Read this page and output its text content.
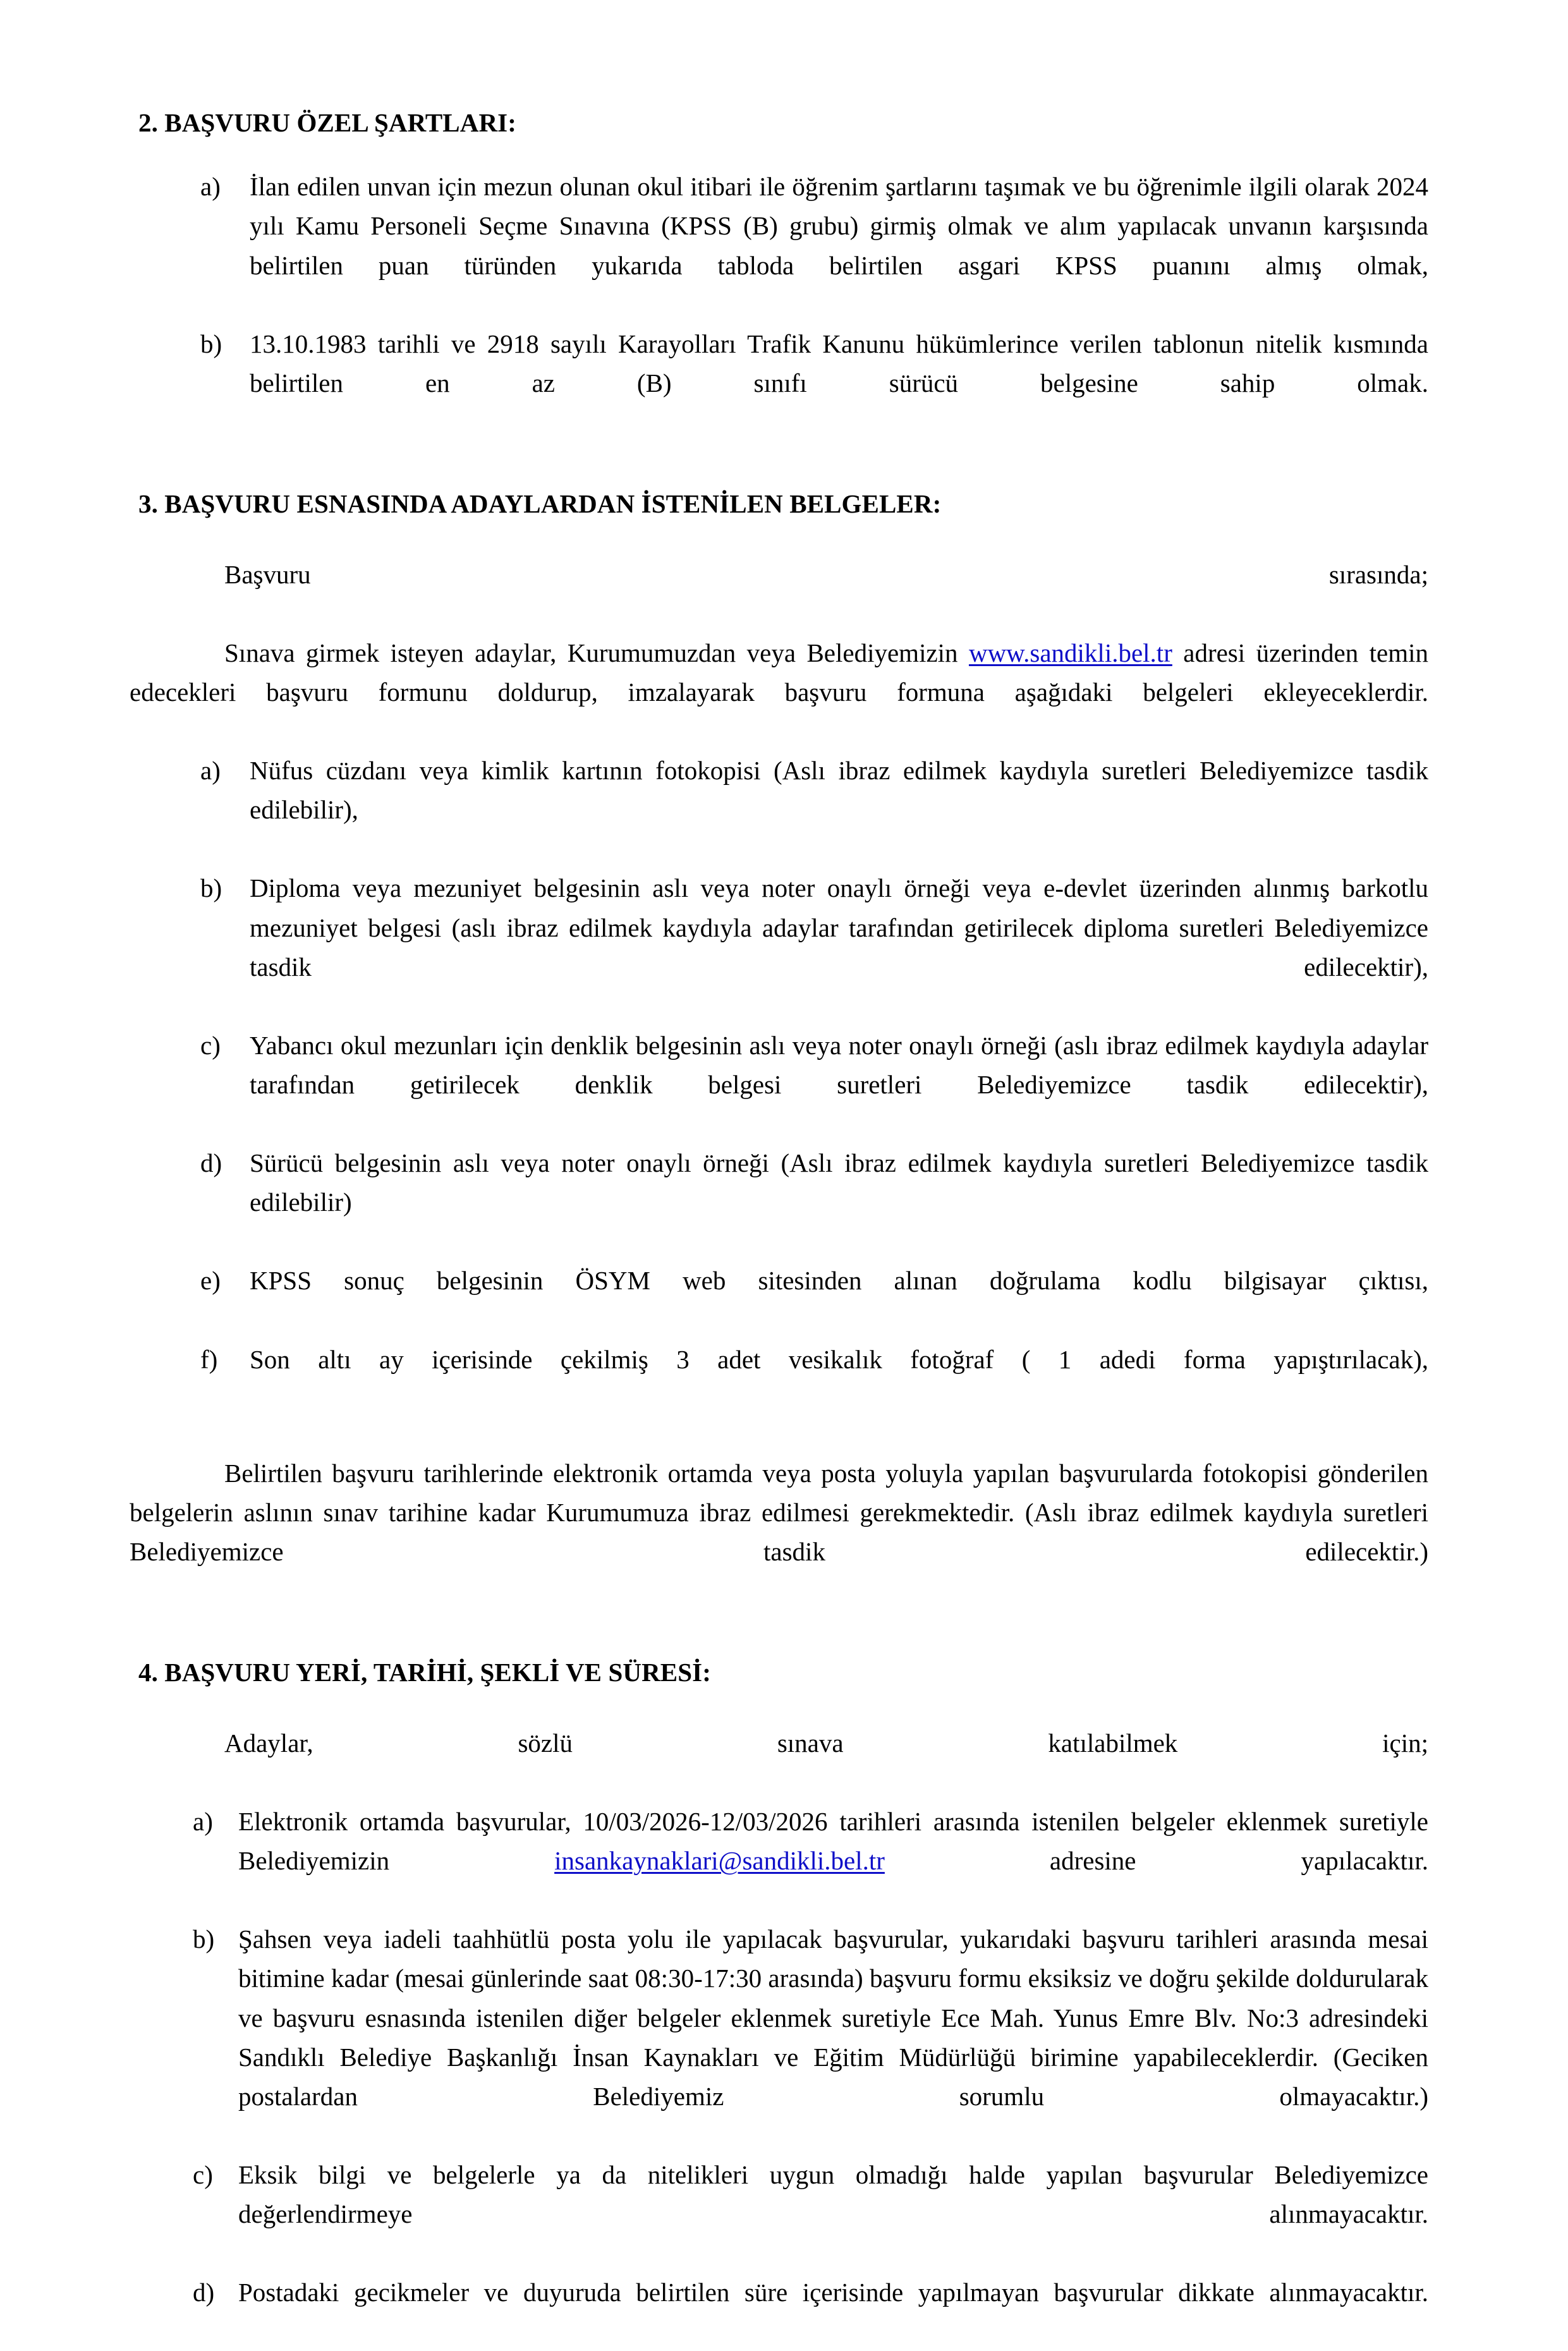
2. BAŞVURU ÖZEL ŞARTLARI:
a)	İlan edilen unvan için mezun olunan okul itibari ile öğrenim şartlarını taşımak ve bu öğrenimle ilgili olarak 2024 yılı Kamu Personeli Seçme Sınavına (KPSS (B) grubu) girmiş olmak ve alım yapılacak unvanın karşısında belirtilen puan türünden yukarıda tabloda belirtilen asgari KPSS puanını almış olmak,
b)	13.10.1983 tarihli ve 2918 sayılı Karayolları Trafik Kanunu hükümlerince verilen tablonun nitelik kısmında belirtilen en az (B) sınıfı sürücü belgesine sahip olmak.
3. BAŞVURU ESNASINDA ADAYLARDAN İSTENİLEN BELGELER:

Başvuru sırasında;

Sınava girmek isteyen adaylar, Kurumumuzdan veya Belediyemizin www.sandikli.bel.tr adresi üzerinden temin edecekleri başvuru formunu doldurup, imzalayarak başvuru formuna aşağıdaki belgeleri ekleyeceklerdir.

a)	Nüfus cüzdanı veya kimlik kartının fotokopisi (Aslı ibraz edilmek kaydıyla suretleri Belediyemizce tasdik edilebilir),
b)	Diploma veya mezuniyet belgesinin aslı veya noter onaylı örneği veya e-devlet üzerinden alınmış barkotlu mezuniyet belgesi (aslı ibraz edilmek kaydıyla adaylar tarafından getirilecek diploma suretleri Belediyemizce tasdik edilecektir),
c)	Yabancı okul mezunları için denklik belgesinin aslı veya noter onaylı örneği (aslı ibraz edilmek kaydıyla adaylar tarafından getirilecek denklik belgesi suretleri Belediyemizce tasdik edilecektir),
d)	Sürücü belgesinin aslı veya noter onaylı örneği (Aslı ibraz edilmek kaydıyla suretleri Belediyemizce tasdik edilebilir)
e)	KPSS sonuç belgesinin ÖSYM web sitesinden alınan doğrulama kodlu bilgisayar çıktısı,
f)	Son altı ay içerisinde çekilmiş 3 adet vesikalık fotoğraf ( 1 adedi forma yapıştırılacak),

Belirtilen başvuru tarihlerinde elektronik ortamda veya posta yoluyla yapılan başvurularda fotokopisi gönderilen belgelerin aslının sınav tarihine kadar Kurumumuza ibraz edilmesi gerekmektedir. (Aslı ibraz edilmek kaydıyla suretleri Belediyemizce tasdik edilecektir.)

4. BAŞVURU YERİ, TARİHİ, ŞEKLİ VE SÜRESİ:

Adaylar, sözlü sınava katılabilmek için;

a) Elektronik ortamda başvurular, 10/03/2026-12/03/2026 tarihleri arasında istenilen belgeler eklenmek suretiyle Belediyemizin insankaynaklari@sandikli.bel.tr adresine yapılacaktır.
b) Şahsen veya iadeli taahhütlü posta yolu ile yapılacak başvurular, yukarıdaki başvuru tarihleri arasında mesai bitimine kadar (mesai günlerinde saat 08:30-17:30 arasında) başvuru formu eksiksiz ve doğru şekilde doldurularak ve başvuru esnasında istenilen diğer belgeler eklenmek suretiyle Ece Mah. Yunus Emre Blv. No:3 adresindeki Sandıklı Belediye Başkanlığı İnsan Kaynakları ve Eğitim Müdürlüğü birimine yapabileceklerdir. (Geciken postalardan Belediyemiz sorumlu olmayacaktır.)
c) Eksik bilgi ve belgelerle ya da nitelikleri uygun olmadığı halde yapılan başvurular Belediyemizce değerlendirmeye alınmayacaktır.
d) Postadaki gecikmeler ve duyuruda belirtilen süre içerisinde yapılmayan başvurular dikkate alınmayacaktır.
